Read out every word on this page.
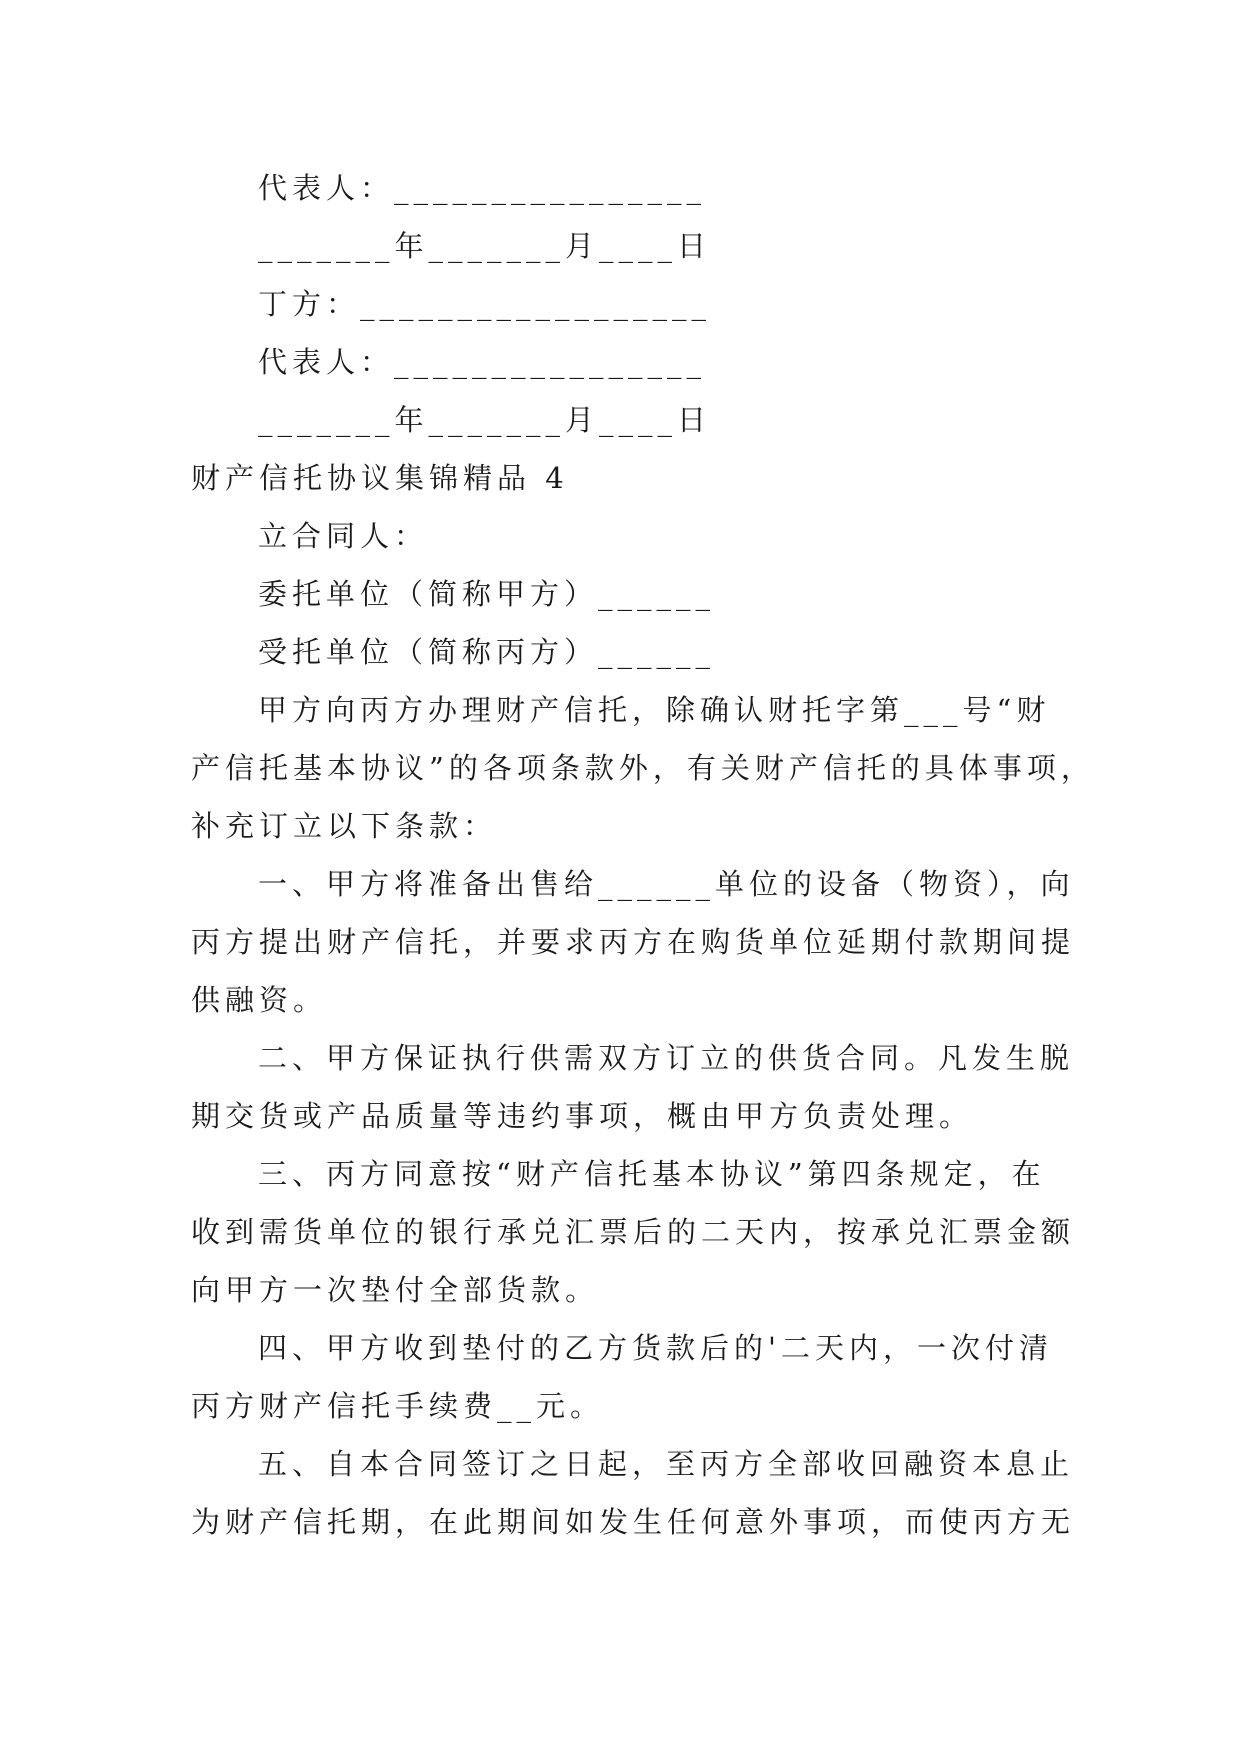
代表人：________________
_______年_______月____日
丁方：__________________
代表人：________________
_______年_______月____日
财产信托协议集锦精品 4
立合同人：
委托单位（简称甲方）______
受托单位（简称丙方）______
甲方向丙方办理财产信托，除确认财托字第___号“财
产信托基本协议”的各项条款外，有关财产信托的具体事项，
补充订立以下条款：
一、甲方将准备出售给______单位的设备（物资），向
丙方提出财产信托，并要求丙方在购货单位延期付款期间提
供融资。
二、甲方保证执行供需双方订立的供货合同。凡发生脱
期交货或产品质量等违约事项，概由甲方负责处理。
三、丙方同意按“财产信托基本协议”第四条规定，在
收到需货单位的银行承兑汇票后的二天内，按承兑汇票金额
向甲方一次垫付全部货款。
四、甲方收到垫付的乙方货款后的'二天内，一次付清
丙方财产信托手续费__元。
五、自本合同签订之日起，至丙方全部收回融资本息止
为财产信托期，在此期间如发生任何意外事项，而使丙方无
